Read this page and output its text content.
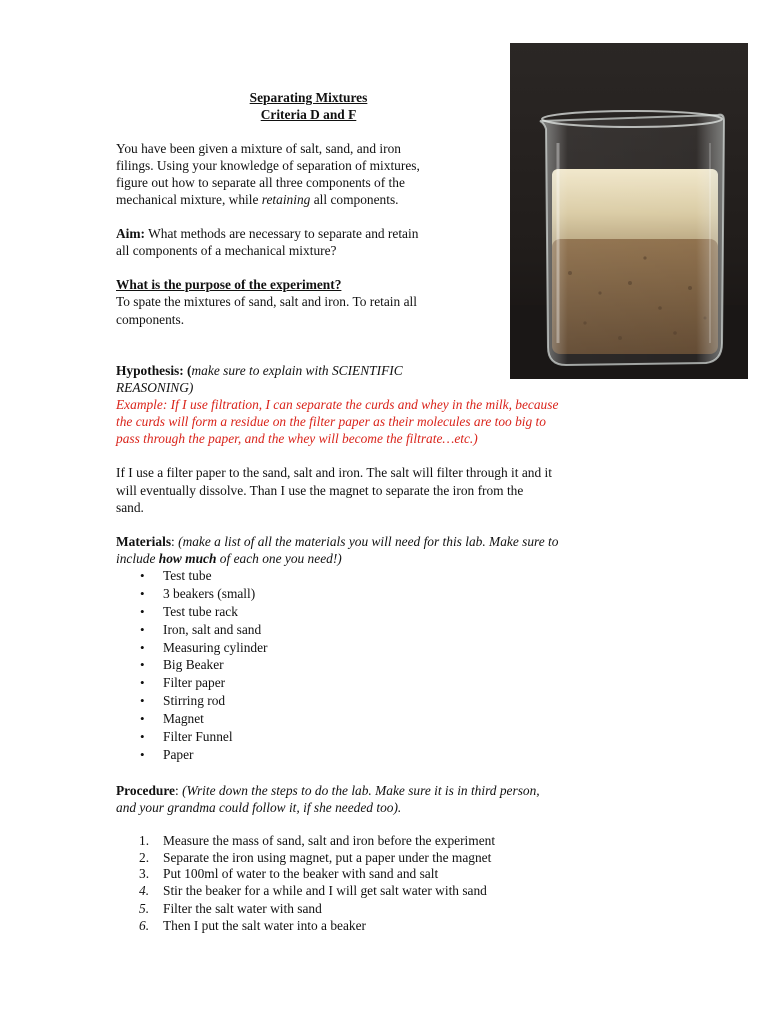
Separating Mixtures
Criteria D and F
You have been given a mixture of salt, sand, and iron
filings. Using your knowledge of separation of mixtures,
figure out how to separate all three components of the
mechanical mixture, while retaining all components.
Aim: What methods are necessary to separate and retain
all components of a mechanical mixture?
What is the purpose of the experiment?
To spate the mixtures of sand, salt and iron. To retain all
components.
Hypothesis: (make sure to explain with SCIENTIFIC
REASONING)
Example: If I use filtration, I can separate the curds and whey in the milk, because
the curds will form a residue on the filter paper as their molecules are too big to
pass through the paper, and the whey will become the filtrate…etc.)
If I use a filter paper to the sand, salt and iron. The salt will filter through it and it
will eventually dissolve. Than I use the magnet to separate the iron from the
sand.
Materials: (make a list of all the materials you will need for this lab. Make sure to
include how much of each one you need!)
• Test tube
• 3 beakers (small)
• Test tube rack
• Iron, salt and sand
• Measuring cylinder
• Big Beaker
• Filter paper
• Stirring rod
• Magnet
• Filter Funnel
• Paper
Procedure: (Write down the steps to do the lab. Make sure it is in third person,
and your grandma could follow it, if she needed too).
1. Measure the mass of sand, salt and iron before the experiment
2. Separate the iron using magnet, put a paper under the magnet
3. Put 100ml of water to the beaker with sand and salt
4. Stir the beaker for a while and I will get salt water with sand
5. Filter the salt water with sand
6. Then I put the salt water into a beaker
